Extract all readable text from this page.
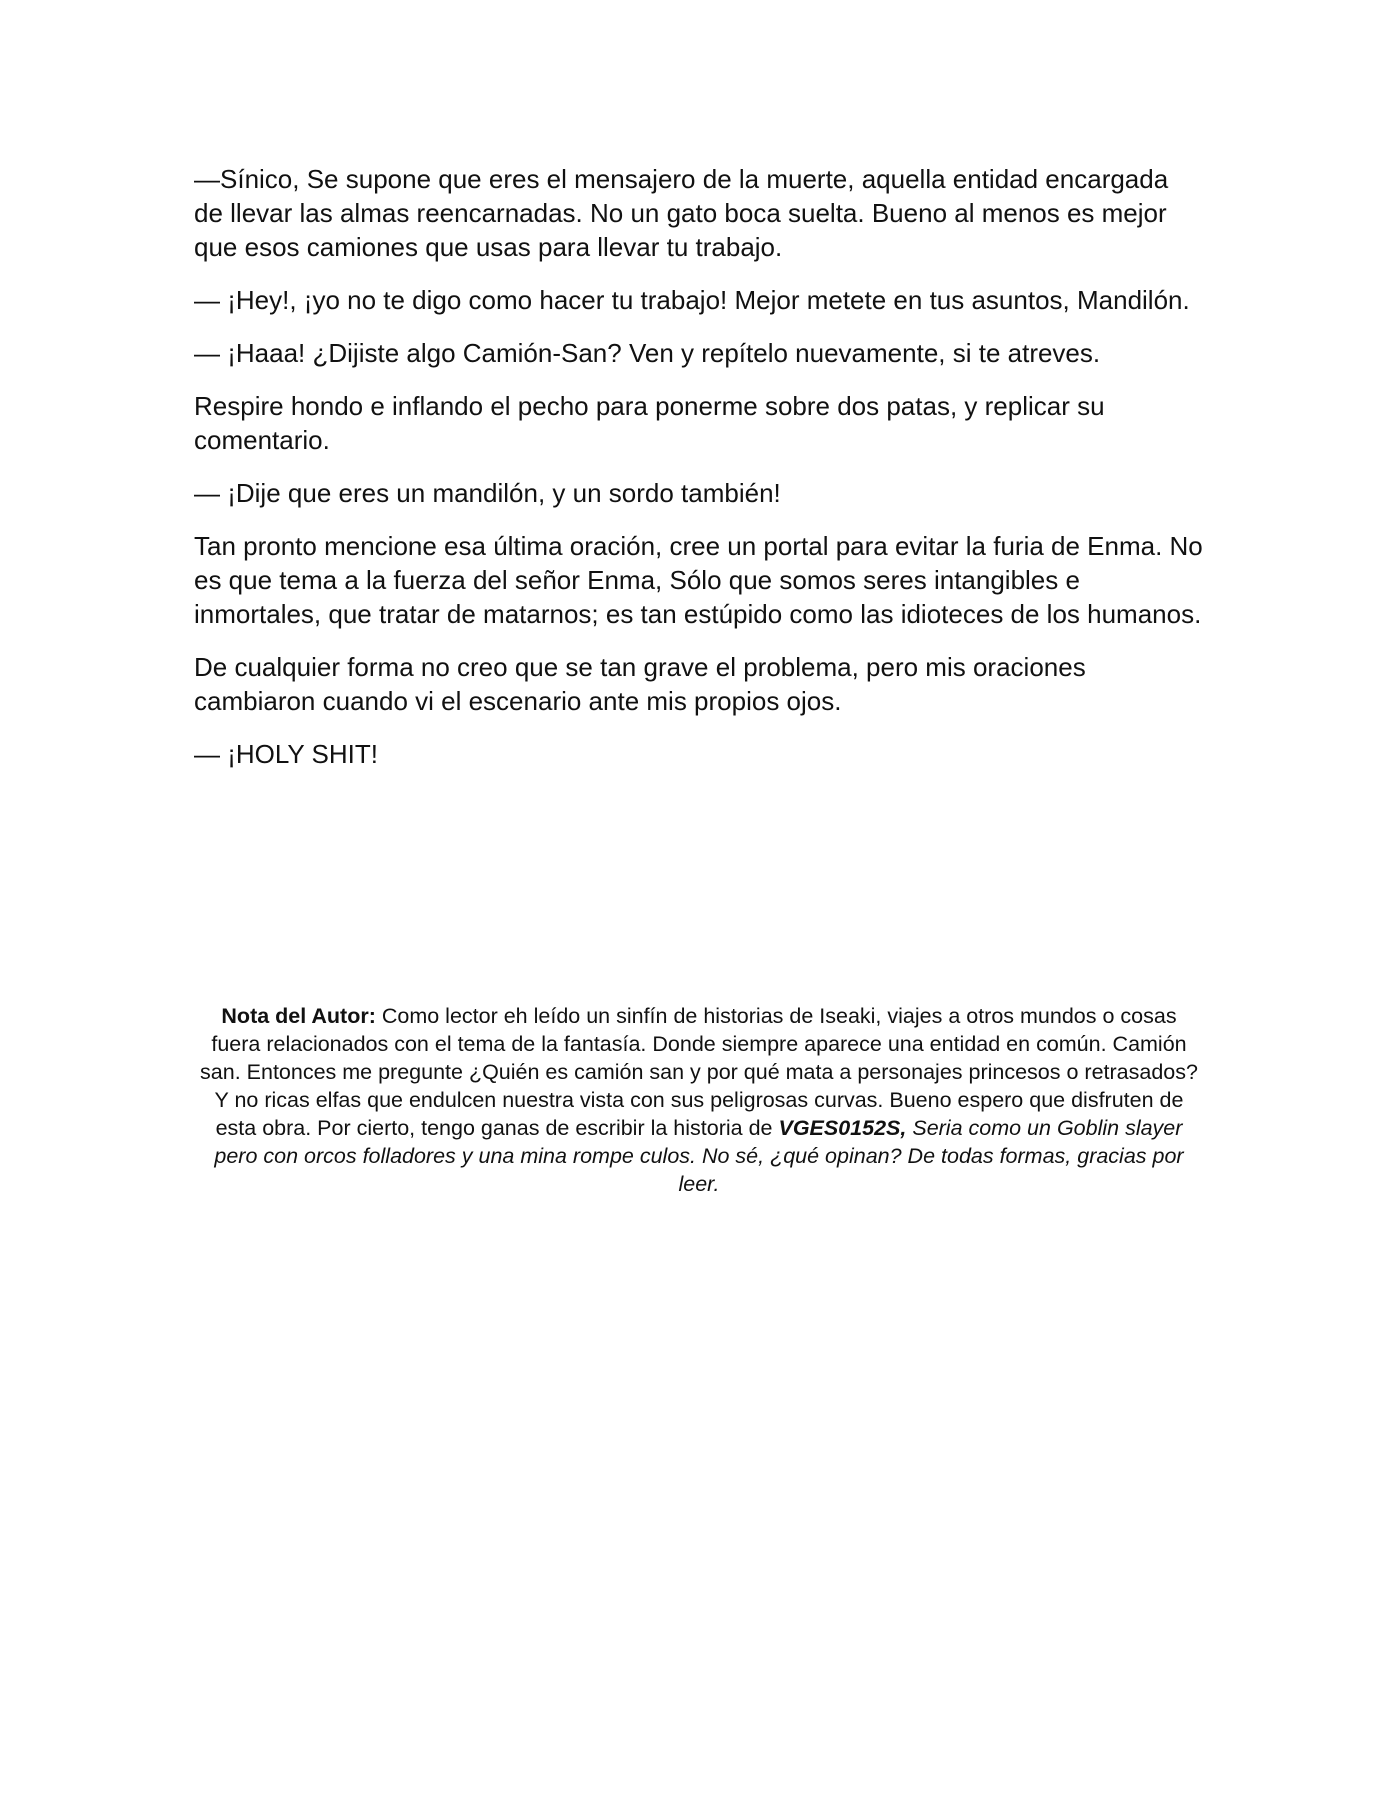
—Sínico, Se supone que eres el mensajero de la muerte, aquella entidad encargada de llevar las almas reencarnadas. No un gato boca suelta. Bueno al menos es mejor que esos camiones que usas para llevar tu trabajo.

— ¡Hey!, ¡yo no te digo como hacer tu trabajo! Mejor metete en tus asuntos, Mandilón.

— ¡Haaa! ¿Dijiste algo Camión-San? Ven y repítelo nuevamente, si te atreves.

Respire hondo e inflando el pecho para ponerme sobre dos patas, y replicar su comentario.

— ¡Dije que eres un mandilón, y un sordo también!

Tan pronto mencione esa última oración, cree un portal para evitar la furia de Enma. No es que tema a la fuerza del señor Enma, Sólo que somos seres intangibles e inmortales, que tratar de matarnos; es tan estúpido como las idioteces de los humanos.

De cualquier forma no creo que se tan grave el problema, pero mis oraciones cambiaron cuando vi el escenario ante mis propios ojos.

— ¡HOLY SHIT!

Nota del Autor: Como lector eh leído un sinfín de historias de Iseaki, viajes a otros mundos o cosas fuera relacionados con el tema de la fantasía. Donde siempre aparece una entidad en común. Camión san. Entonces me pregunte ¿Quién es camión san y por qué mata a personajes princesos o retrasados? Y no ricas elfas que endulcen nuestra vista con sus peligrosas curvas. Bueno espero que disfruten de esta obra. Por cierto, tengo ganas de escribir la historia de VGES0152S, Seria como un Goblin slayer pero con orcos folladores y una mina rompe culos. No sé, ¿qué opinan? De todas formas, gracias por leer.
